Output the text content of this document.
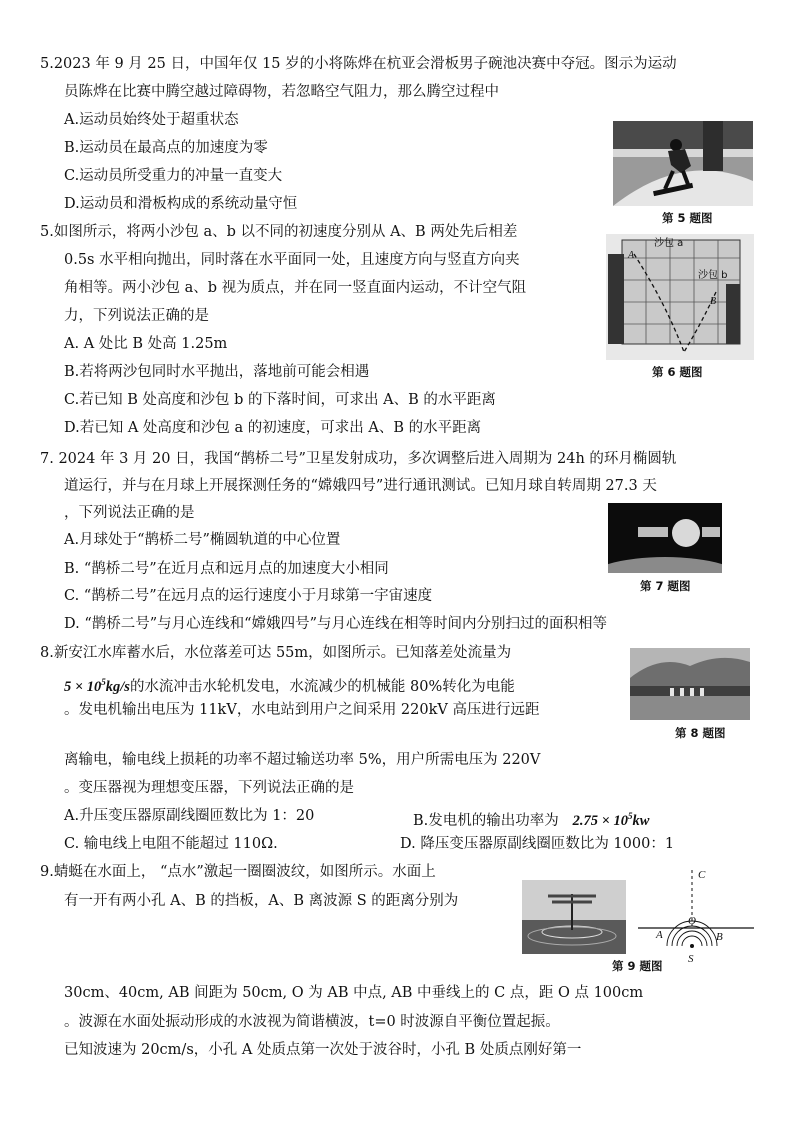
5.2023 年 9 月 25 日，中国年仅 15 岁的小将陈烨在杭亚会滑板男子碗池决赛中夺冠。图示为运动
员陈烨在比赛中腾空越过障碍物，若忽略空气阻力，那么腾空过程中
A.运动员始终处于超重状态
B.运动员在最高点的加速度为零
C.运动员所受重力的冲量一直变大
D.运动员和滑板构成的系统动量守恒
第 5 题图
5.如图所示，将两小沙包 a、b 以不同的初速度分别从 A、B 两处先后相差
0.5s 水平相向抛出，同时落在水平面同一处，且速度方向与竖直方向夹
角相等。两小沙包 a、b 视为质点，并在同一竖直面内运动，不计空气阻
力，下列说法正确的是
A. A 处比 B 处高 1.25m
B.若将两沙包同时水平抛出，落地前可能会相遇
C.若已知 B 处高度和沙包 b 的下落时间，可求出 A、B 的水平距离
D.若已知 A 处高度和沙包 a 的初速度，可求出 A、B 的水平距离
A
沙包 a
沙包 b
B
第 6 题图
7. 2024 年 3 月 20 日，我国“鹊桥二号”卫星发射成功，多次调整后进入周期为 24h 的环月椭圆轨
道运行，并与在月球上开展探测任务的“嫦娥四号”进行通讯测试。已知月球自转周期 27.3 天
，下列说法正确的是
A.月球处于“鹊桥二号”椭圆轨道的中心位置
B. “鹊桥二号”在近月点和远月点的加速度大小相同
C. “鹊桥二号”在远月点的运行速度小于月球第一宇宙速度
D. “鹊桥二号”与月心连线和“嫦娥四号”与月心连线在相等时间内分别扫过的面积相等
第 7 题图
8.新安江水库蓄水后，水位落差可达 55m，如图所示。已知落差处流量为
$5 \times 10^5kg/s$的水流冲击水轮机发电，水流减少的机械能 80%转化为电能
。发电机输出电压为 11kV，水电站到用户之间采用 220kV 高压进行远距
离输电，输电线上损耗的功率不超过输送功率 5%，用户所需电压为 220V
。变压器视为理想变压器，下列说法正确的是
A.升压变压器原副线圈匝数比为 1：20	B.发电机的输出功率为 $2.75 \times 10^5kw$
C. 输电线上电阻不能超过 110Ω.	D. 降压变压器原副线圈匝数比为 1000：1
第 8 题图
9.蜻蜓在水面上， “点水”激起一圈圈波纹，如图所示。水面上
有一开有两小孔 A、B 的挡板，A、B 离波源 S 的距离分别为
30cm、40cm, AB 间距为 50cm, O 为 AB 中点, AB 中垂线上的 C 点，距 O 点 100cm
。波源在水面处振动形成的水波视为简谐横波，t=0 时波源自平衡位置起振。
已知波速为 20cm/s，小孔 A 处质点第一次处于波谷时，小孔 B 处质点刚好第一
C
A
O
B
S
第 9 题图
